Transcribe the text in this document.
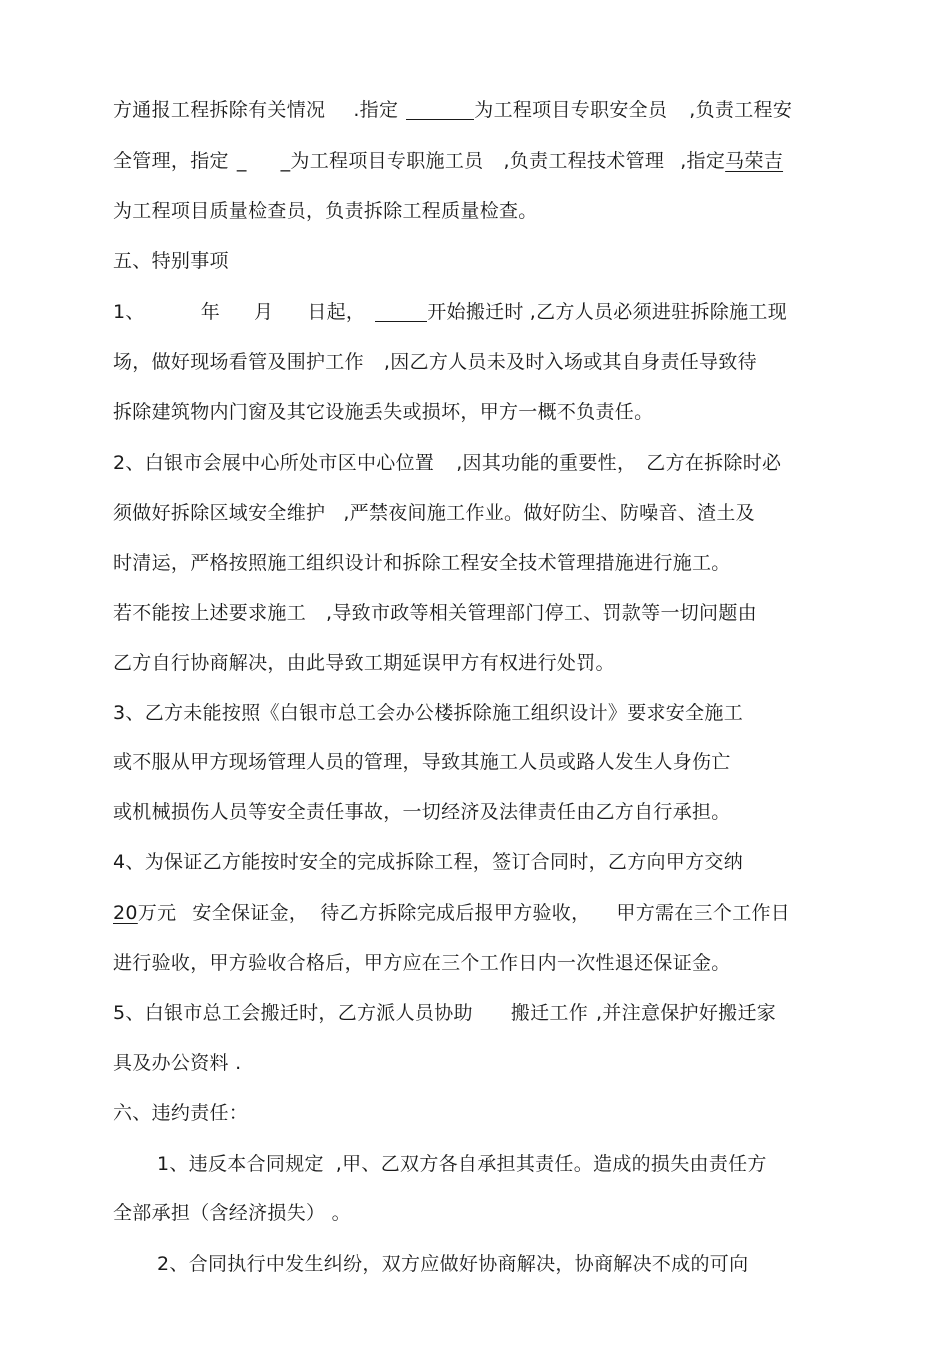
方通报工程拆除有关情况 .指定	为工程项目专职安全员 ,负责工程安
全管理，指定 _ _为工程项目专职施工员 ,负责工程技术管理 ,指定马荣吉
为工程项目质量检查员，负责拆除工程质量检查。
五、特别事项
1、	年 月 日起，	开始搬迁时 ,乙方人员必须进驻拆除施工现
场，做好现场看管及围护工作 ,因乙方人员未及时入场或其自身责任导致待
拆除建筑物内门窗及其它设施丢失或损坏，甲方一概不负责任。
2、白银市会展中心所处市区中心位置 ,因其功能的重要性， 乙方在拆除时必
须做好拆除区域安全维护 ,严禁夜间施工作业。做好防尘、防噪音、渣土及
时清运，严格按照施工组织设计和拆除工程安全技术管理措施进行施工。
若不能按上述要求施工 ,导致市政等相关管理部门停工、罚款等一切问题由
乙方自行协商解决，由此导致工期延误甲方有权进行处罚。
3、乙方未能按照《白银市总工会办公楼拆除施工组织设计》要求安全施工
或不服从甲方现场管理人员的管理，导致其施工人员或路人发生人身伤亡
或机械损伤人员等安全责任事故，一切经济及法律责任由乙方自行承担。
4、为保证乙方能按时安全的完成拆除工程，签订合同时，乙方向甲方交纳
20万元 安全保证金， 待乙方拆除完成后报甲方验收， 甲方需在三个工作日
进行验收，甲方验收合格后，甲方应在三个工作日内一次性退还保证金。
5、白银市总工会搬迁时，乙方派人员协助 搬迁工作 ,并注意保护好搬迁家
具及办公资料 .
六、违约责任：
1、违反本合同规定 ,甲、乙双方各自承担其责任。造成的损失由责任方
全部承担（含经济损失） 。
2、合同执行中发生纠纷，双方应做好协商解决，协商解决不成的可向
